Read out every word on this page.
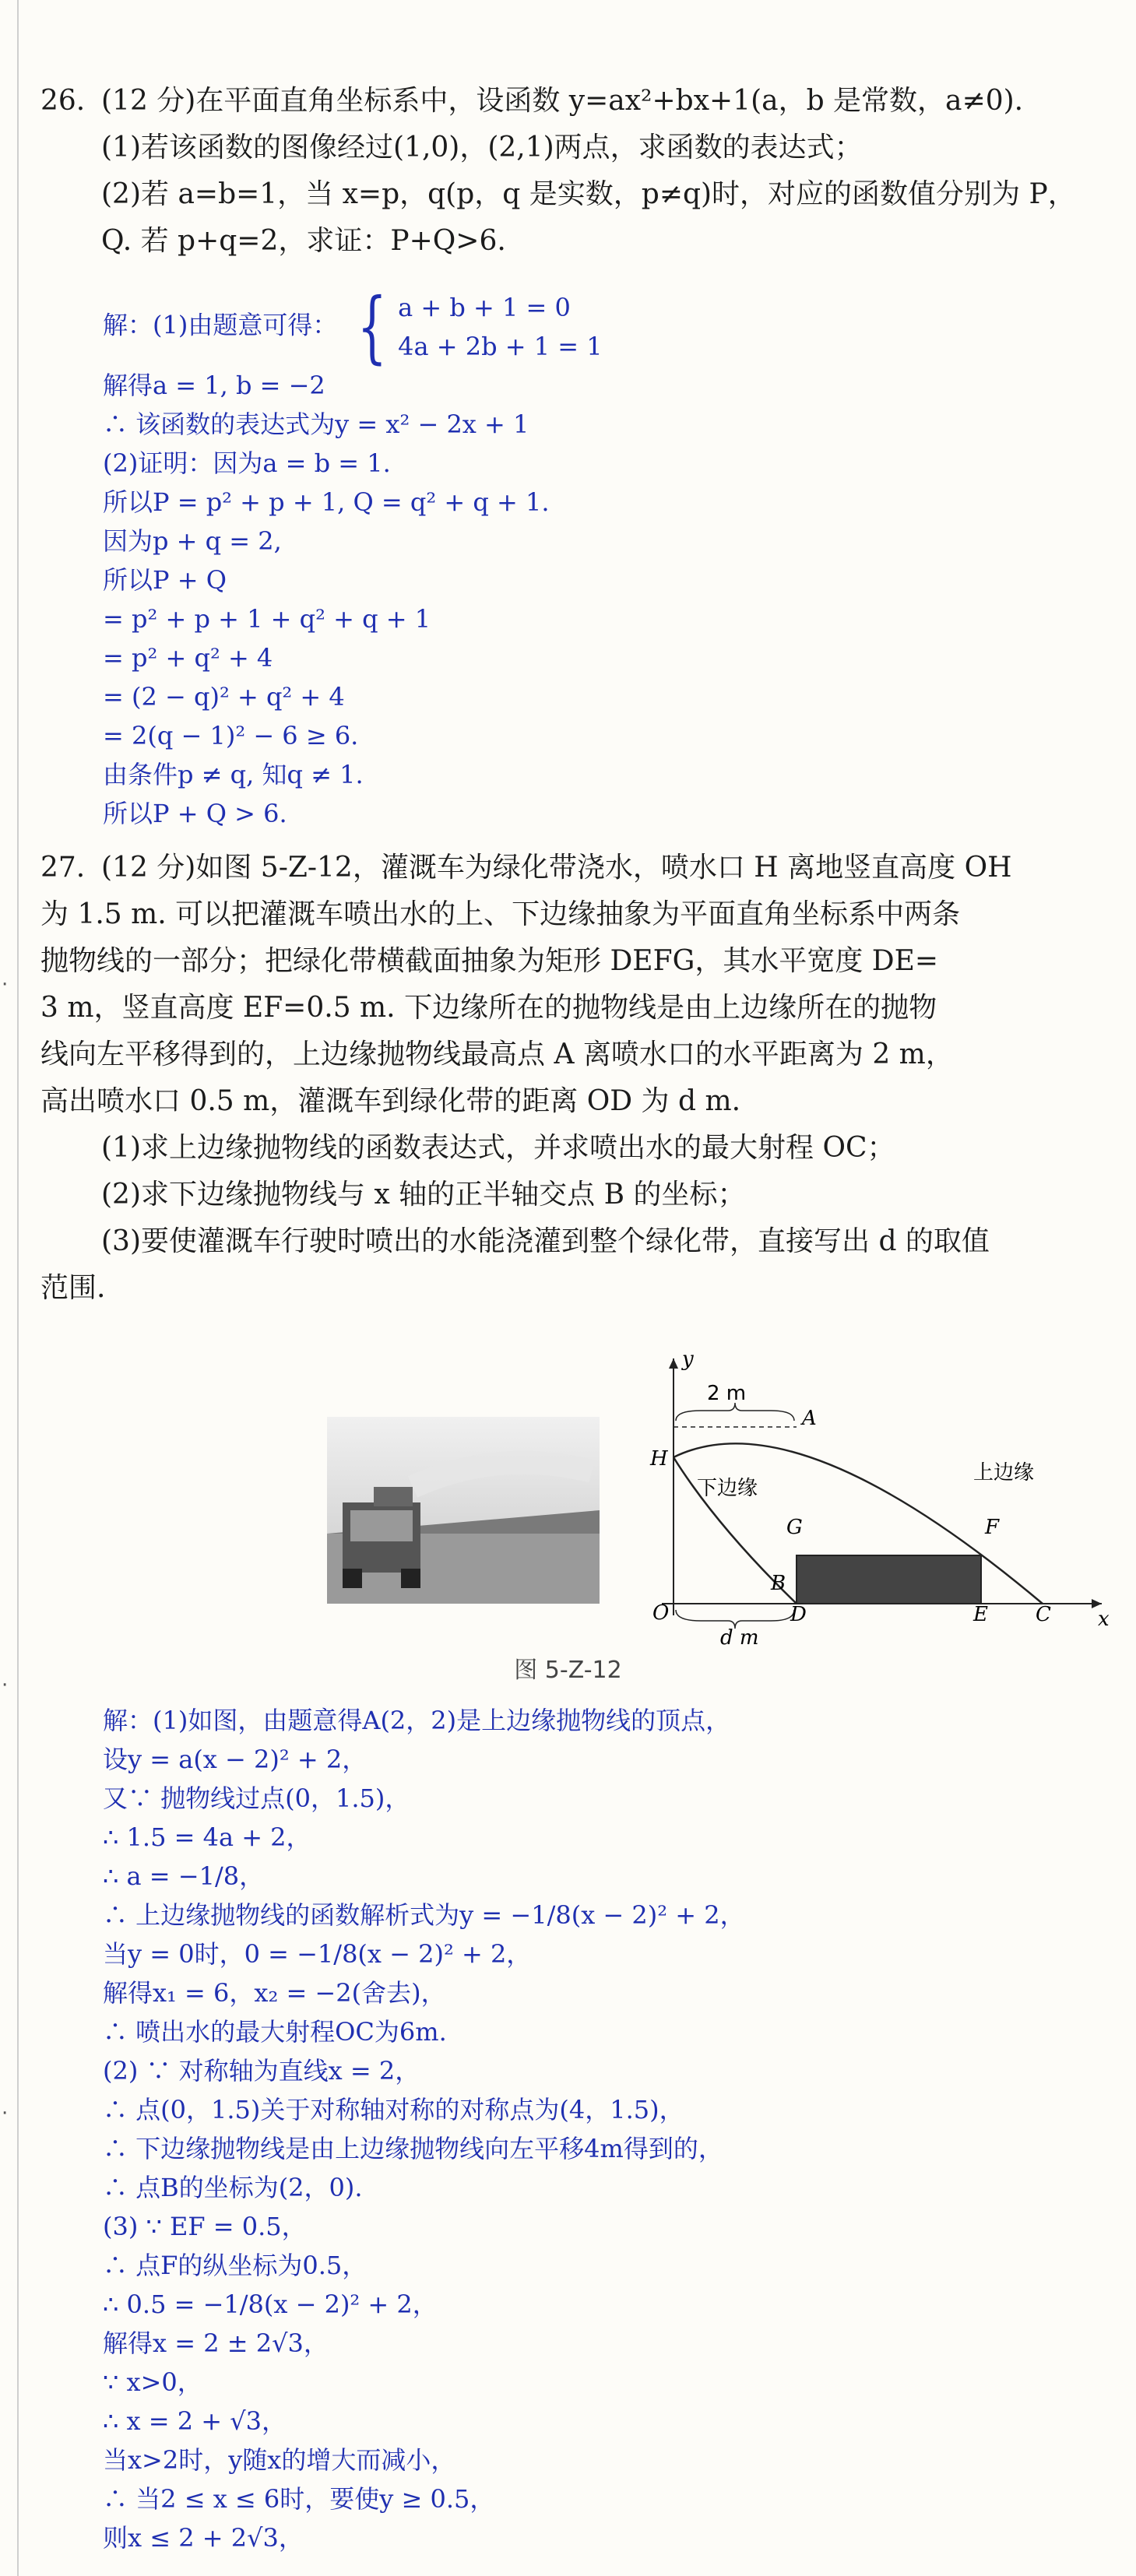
·
·
·
26. (12 分)在平面直角坐标系中，设函数 y=ax²+bx+1(a，b 是常数，a≠0).
(1)若该函数的图像经过(1,0)，(2,1)两点，求函数的表达式；
(2)若 a=b=1，当 x=p，q(p，q 是实数，p≠q)时，对应的函数值分别为 P，
Q. 若 p+q=2，求证：P+Q>6.
解：(1)由题意可得： { a + b + 1 = 0
4a + 2b + 1 = 1
解得a = 1, b = −2
∴ 该函数的表达式为y = x² − 2x + 1
(2)证明：因为a = b = 1.
所以P = p² + p + 1, Q = q² + q + 1.
因为p + q = 2,
所以P + Q
= p² + p + 1 + q² + q + 1
= p² + q² + 4
= (2 − q)² + q² + 4
= 2(q − 1)² − 6 ≥ 6.
由条件p ≠ q, 知q ≠ 1.
所以P + Q > 6.
27. (12 分)如图 5-Z-12，灌溉车为绿化带浇水，喷水口 H 离地竖直高度 OH
为 1.5 m. 可以把灌溉车喷出水的上、下边缘抽象为平面直角坐标系中两条
抛物线的一部分；把绿化带横截面抽象为矩形 DEFG，其水平宽度 DE=
3 m，竖直高度 EF=0.5 m. 下边缘所在的抛物线是由上边缘所在的抛物
线向左平移得到的，上边缘抛物线最高点 A 离喷水口的水平距离为 2 m，
高出喷水口 0.5 m，灌溉车到绿化带的距离 OD 为 d m.
(1)求上边缘抛物线的函数表达式，并求喷出水的最大射程 OC；
(2)求下边缘抛物线与 x 轴的正半轴交点 B 的坐标；
(3)要使灌溉车行驶时喷出的水能浇灌到整个绿化带，直接写出 d 的取值
范围.
2 m
d m
上边缘
下边缘
A
H
G	F
B
O	D	E C x
y
图 5-Z-12
解：(1)如图，由题意得A(2，2)是上边缘抛物线的顶点，
设y = a(x − 2)² + 2，
又∵ 抛物线过点(0，1.5)，
∴ 1.5 = 4a + 2，
∴ a = −1/8，
∴ 上边缘抛物线的函数解析式为y = −1/8(x − 2)² + 2，
当y = 0时，0 = −1/8(x − 2)² + 2，
解得x₁ = 6，x₂ = −2(舍去)，
∴ 喷出水的最大射程OC为6m.
(2) ∵ 对称轴为直线x = 2，
∴ 点(0，1.5)关于对称轴对称的对称点为(4，1.5)，
∴ 下边缘抛物线是由上边缘抛物线向左平移4m得到的，
∴ 点B的坐标为(2，0).
(3) ∵ EF = 0.5，
∴ 点F的纵坐标为0.5，
∴ 0.5 = −1/8(x − 2)² + 2，
解得x = 2 ± 2√3，
∵ x>0，
∴ x = 2 + √3，
当x>2时，y随x的增大而减小，
∴ 当2 ≤ x ≤ 6时，要使y ≥ 0.5，
则x ≤ 2 + 2√3，
